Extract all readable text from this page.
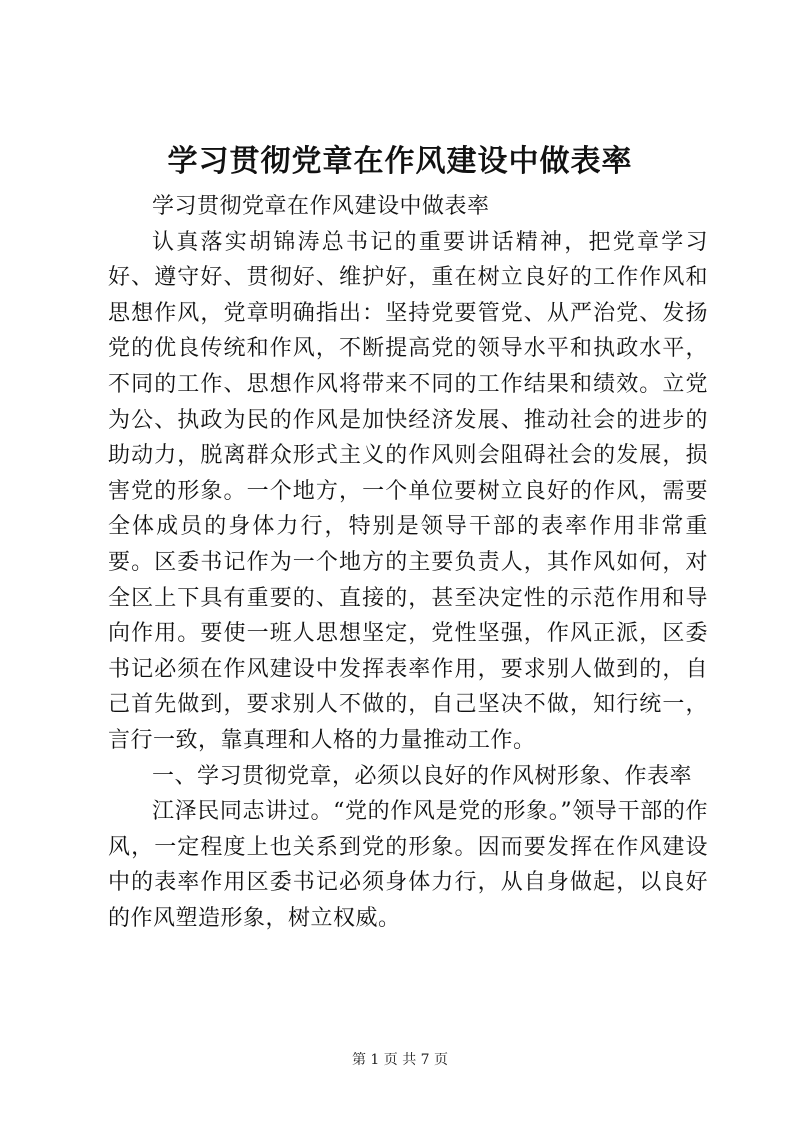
学习贯彻党章在作风建设中做表率

学习贯彻党章在作风建设中做表率

认真落实胡锦涛总书记的重要讲话精神，把党章学习好、遵守好、贯彻好、维护好，重在树立良好的工作作风和思想作风，党章明确指出：坚持党要管党、从严治党、发扬党的优良传统和作风，不断提高党的领导水平和执政水平，不同的工作、思想作风将带来不同的工作结果和绩效。立党为公、执政为民的作风是加快经济发展、推动社会的进步的助动力，脱离群众形式主义的作风则会阻碍社会的发展，损害党的形象。一个地方，一个单位要树立良好的作风，需要全体成员的身体力行，特别是领导干部的表率作用非常重要。区委书记作为一个地方的主要负责人，其作风如何，对全区上下具有重要的、直接的，甚至决定性的示范作用和导向作用。要使一班人思想坚定，党性坚强，作风正派，区委书记必须在作风建设中发挥表率作用，要求别人做到的，自己首先做到，要求别人不做的，自己坚决不做，知行统一，言行一致，靠真理和人格的力量推动工作。

一、学习贯彻党章，必须以良好的作风树形象、作表率

江泽民同志讲过。“党的作风是党的形象。”领导干部的作风，一定程度上也关系到党的形象。因而要发挥在作风建设中的表率作用区委书记必须身体力行，从自身做起，以良好的作风塑造形象，树立权威。

第 1 页 共 7 页
